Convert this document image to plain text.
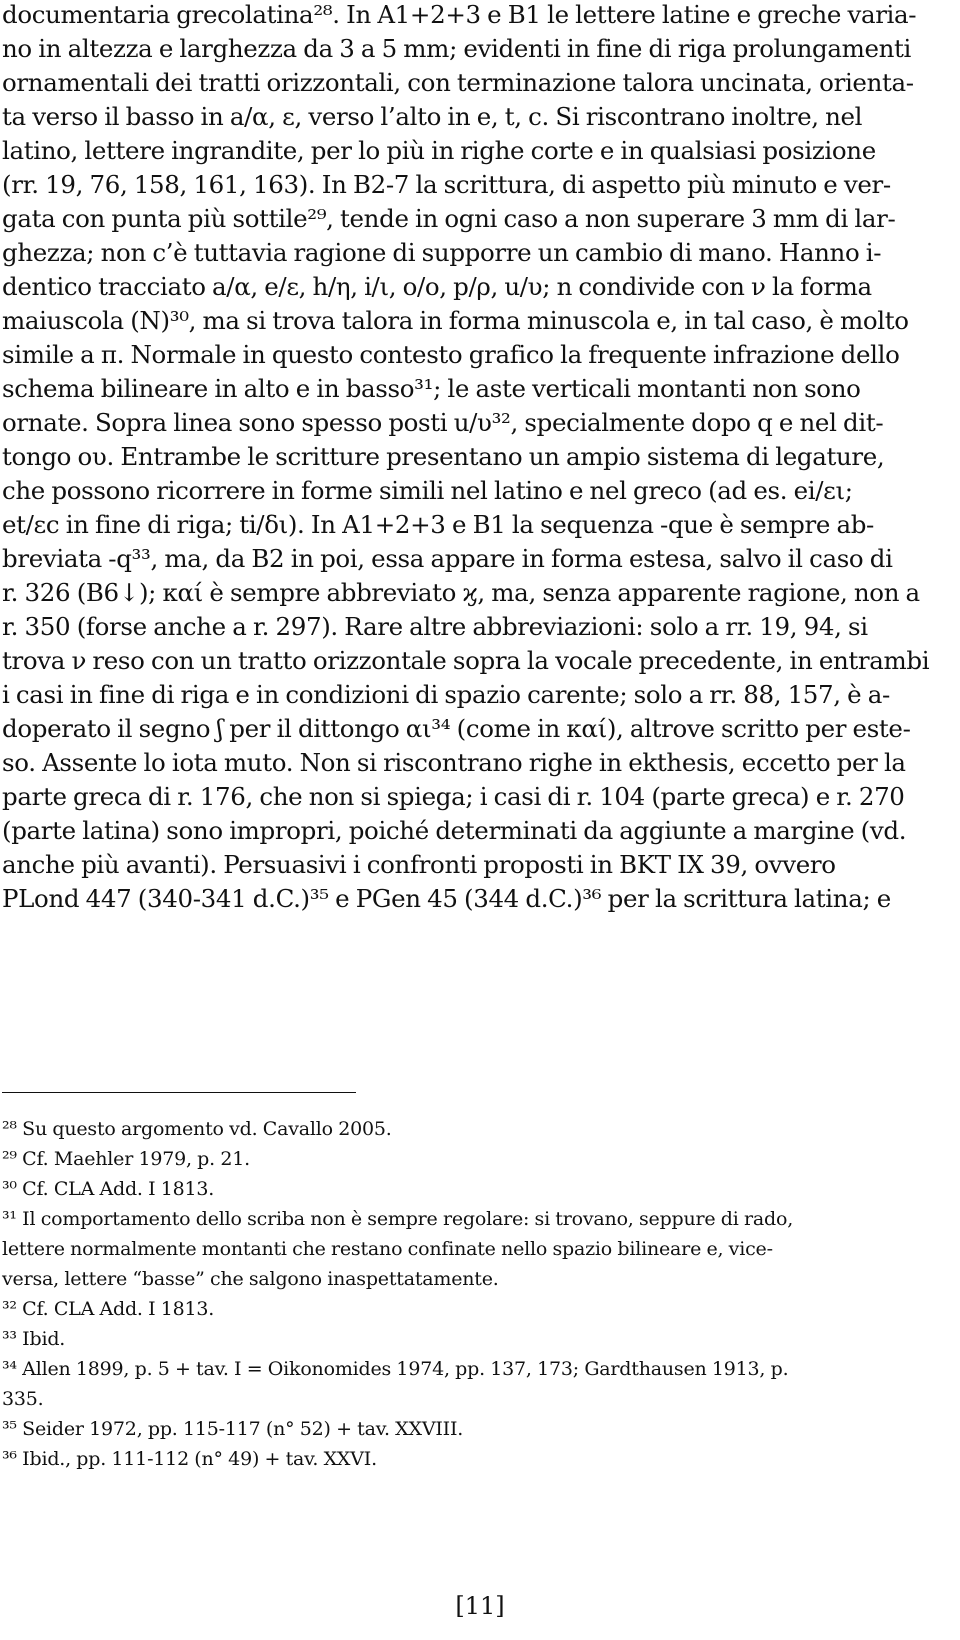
documentaria grecolatina²⁸. In A1+2+3 e B1 le lettere latine e greche varia-
no in altezza e larghezza da 3 a 5 mm; evidenti in fine di riga prolungamenti
ornamentali dei tratti orizzontali, con terminazione talora uncinata, orienta-
ta verso il basso in a/α, ε, verso l’alto in e, t, c. Si riscontrano inoltre, nel
latino, lettere ingrandite, per lo più in righe corte e in qualsiasi posizione
(rr. 19, 76, 158, 161, 163). In B2-7 la scrittura, di aspetto più minuto e ver-
gata con punta più sottile²⁹, tende in ogni caso a non superare 3 mm di lar-
ghezza; non c’è tuttavia ragione di supporre un cambio di mano. Hanno i-
dentico tracciato a/α, e/ε, h/η, i/ι, o/ο, p/ρ, u/υ; n condivide con ν la forma
maiuscola (N)³⁰, ma si trova talora in forma minuscola e, in tal caso, è molto
simile a π. Normale in questo contesto grafico la frequente infrazione dello
schema bilineare in alto e in basso³¹; le aste verticali montanti non sono
ornate. Sopra linea sono spesso posti u/υ³², specialmente dopo q e nel dit-
tongo ου. Entrambe le scritture presentano un ampio sistema di legature,
che possono ricorrere in forme simili nel latino e nel greco (ad es. ei/ει;
et/εc in fine di riga; ti/δι). In A1+2+3 e B1 la sequenza -que è sempre ab-
breviata -q³³, ma, da B2 in poi, essa appare in forma estesa, salvo il caso di
r. 326 (B6↓); καί è sempre abbreviato ϗ, ma, senza apparente ragione, non a
r. 350 (forse anche a r. 297). Rare altre abbreviazioni: solo a rr. 19, 94, si
trova ν reso con un tratto orizzontale sopra la vocale precedente, in entrambi
i casi in fine di riga e in condizioni di spazio carente; solo a rr. 88, 157, è a-
doperato il segno ʃ per il dittongo αι³⁴ (come in καί), altrove scritto per este-
so. Assente lo iota muto. Non si riscontrano righe in ekthesis, eccetto per la
parte greca di r. 176, che non si spiega; i casi di r. 104 (parte greca) e r. 270
(parte latina) sono impropri, poiché determinati da aggiunte a margine (vd.
anche più avanti). Persuasivi i confronti proposti in BKT IX 39, ovvero
PLond 447 (340-341 d.C.)³⁵ e PGen 45 (344 d.C.)³⁶ per la scrittura latina; e
²⁸ Su questo argomento vd. Cavallo 2005.
²⁹ Cf. Maehler 1979, p. 21.
³⁰ Cf. CLA Add. I 1813.
³¹ Il comportamento dello scriba non è sempre regolare: si trovano, seppure di rado,
lettere normalmente montanti che restano confinate nello spazio bilineare e, vice-
versa, lettere “basse” che salgono inaspettatamente.
³² Cf. CLA Add. I 1813.
³³ Ibid.
³⁴ Allen 1899, p. 5 + tav. I = Oikonomides 1974, pp. 137, 173; Gardthausen 1913, p.
335.
³⁵ Seider 1972, pp. 115-117 (n° 52) + tav. XXVIII.
³⁶ Ibid., pp. 111-112 (n° 49) + tav. XXVI.
[11]
